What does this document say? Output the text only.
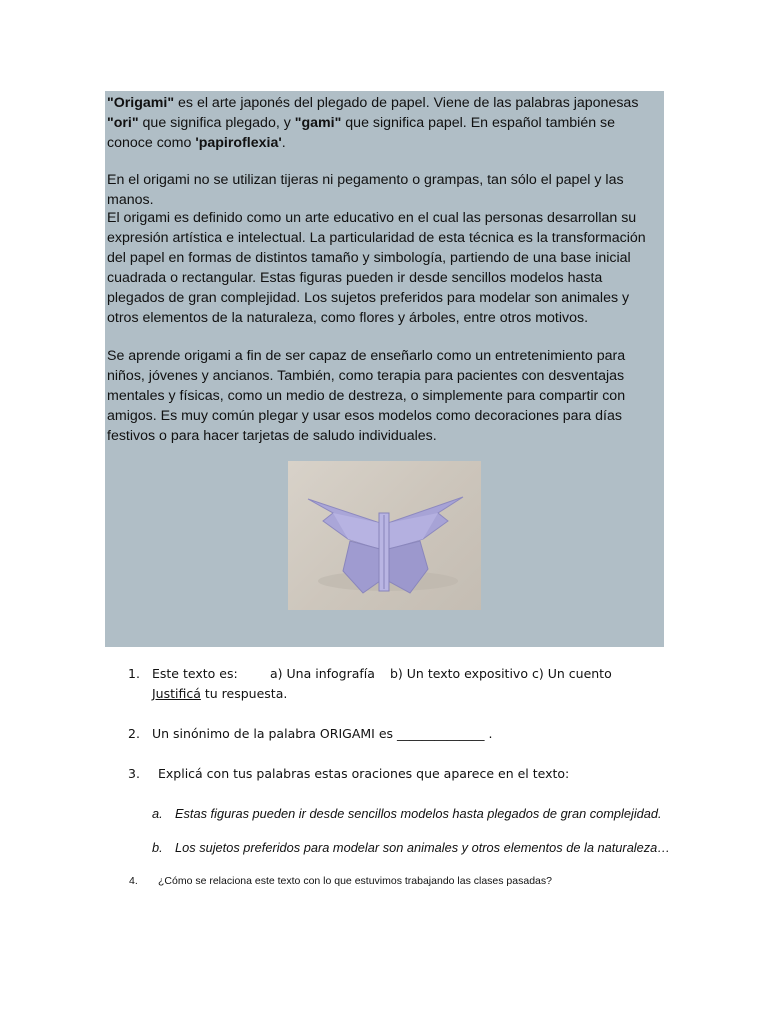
"Origami" es el arte japonés del plegado de papel. Viene de las palabras japonesas "ori" que significa plegado, y "gami" que significa papel. En español también se conoce como 'papiroflexia'.

En el origami no se utilizan tijeras ni pegamento o grampas, tan sólo el papel y las manos.

El origami es definido como un arte educativo en el cual las personas desarrollan su expresión artística e intelectual. La particularidad de esta técnica es la transformación del papel en formas de distintos tamaño y simbología, partiendo de una base inicial cuadrada o rectangular. Estas figuras pueden ir desde sencillos modelos hasta plegados de gran complejidad. Los sujetos preferidos para modelar son animales y otros elementos de la naturaleza, como flores y árboles, entre otros motivos.

Se aprende origami a fin de ser capaz de enseñarlo como un entretenimiento para niños, jóvenes y ancianos. También, como terapia para pacientes con desventajas mentales y físicas, como un medio de destreza, o simplemente para compartir con amigos. Es muy común plegar y usar esos modelos como decoraciones para días festivos o para hacer tarjetas de saludo individuales.

1. Este texto es:	a) Una infografía b) Un texto expositivo c) Un cuento
Justificá tu respuesta.
2. Un sinónimo de la palabra ORIGAMI es ______________ .
3. Explicá con tus palabras estas oraciones que aparece en el texto:
a. Estas figuras pueden ir desde sencillos modelos hasta plegados de gran complejidad.
b. Los sujetos preferidos para modelar son animales y otros elementos de la naturaleza…
4. ¿Cómo se relaciona este texto con lo que estuvimos trabajando las clases pasadas?
